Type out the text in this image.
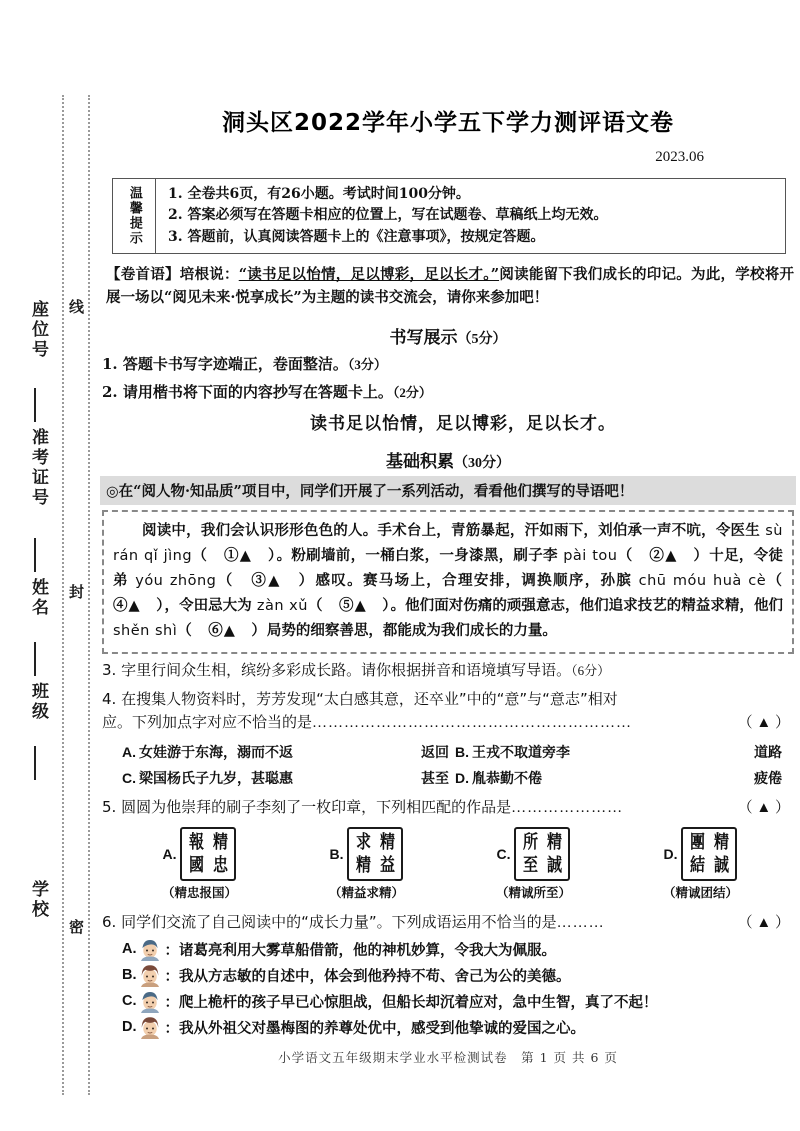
座位号
准考证号
姓名
班级
学校
线
封
密
洞头区2022学年小学五下学力测评语文卷
2023.06
温馨提示 1. 全卷共6页，有26小题。考试时间100分钟。
2. 答案必须写在答题卡相应的位置上，写在试题卷、草稿纸上均无效。
3. 答题前，认真阅读答题卡上的《注意事项》，按规定答题。
【卷首语】培根说：“读书足以怡情，足以博彩，足以长才。”阅读能留下我们成长的印记。为此，学校将开展一场以“阅见未来·悦享成长”为主题的读书交流会，请你来参加吧！
书写展示（5分）
1. 答题卡书写字迹端正，卷面整洁。（3分）
2. 请用楷书将下面的内容抄写在答题卡上。（2分）
读书足以怡情，足以博彩，足以长才。
基础积累（30分）
◎在“阅人物·知品质”项目中，同学们开展了一系列活动，看看他们撰写的导语吧！
阅读中，我们会认识形形色色的人。手术台上，青筋暴起，汗如雨下，刘伯承一声不吭，令医生 sù rán qǐ jìng（　①▲　）。粉刷墙前，一桶白浆，一身漆黑，刷子李 pài tou（　②▲　）十足，令徒弟 yóu zhōng（　③▲　）感叹。赛马场上，合理安排，调换顺序，孙膑 chū móu huà cè（　④▲　），令田忌大为 zàn xǔ（　⑤▲　）。他们面对伤痛的顽强意志，他们追求技艺的精益求精，他们 shěn shì（　⑥▲　）局势的细察善思，都能成为我们成长的力量。
3. 字里行间众生相，缤纷多彩成长路。请你根据拼音和语境填写导语。（6分）
4. 在搜集人物资料时，芳芳发现“太白感其意，还卒业”中的“意”与“意志”相对
应。下列加点字对应不恰当的是 ……………………………………………………	（ ▲ ）
A. 女娃游于东海，溺而不返	返回 B. 王戎不取道旁李	道路
C. 梁国杨氏子九岁，甚聪惠	甚至 D. 胤恭勤不倦	疲倦
5. 圆圆为他崇拜的刷子李刻了一枚印章，下列相匹配的作品是 …………………	（ ▲ ）
A.
精
報
忠
國
（精忠报国）
B.
精
求
益
精
（精益求精）
C.
精
所
誠
至
（精诚所至）
D.
精
團
誠
結
（精诚团结）
6. 同学们交流了自己阅读中的“成长力量”。下列成语运用不恰当的是 ………	（ ▲ ）
A. ：诸葛亮利用大雾草船借箭，他的神机妙算，令我大为佩服。
B. ：我从方志敏的自述中，体会到他矜持不苟、舍己为公的美德。
C. ：爬上桅杆的孩子早已心惊胆战，但船长却沉着应对，急中生智，真了不起！
D. ：我从外祖父对墨梅图的养尊处优中，感受到他挚诚的爱国之心。
小学语文五年级期末学业水平检测试卷　第 1 页 共 6 页
